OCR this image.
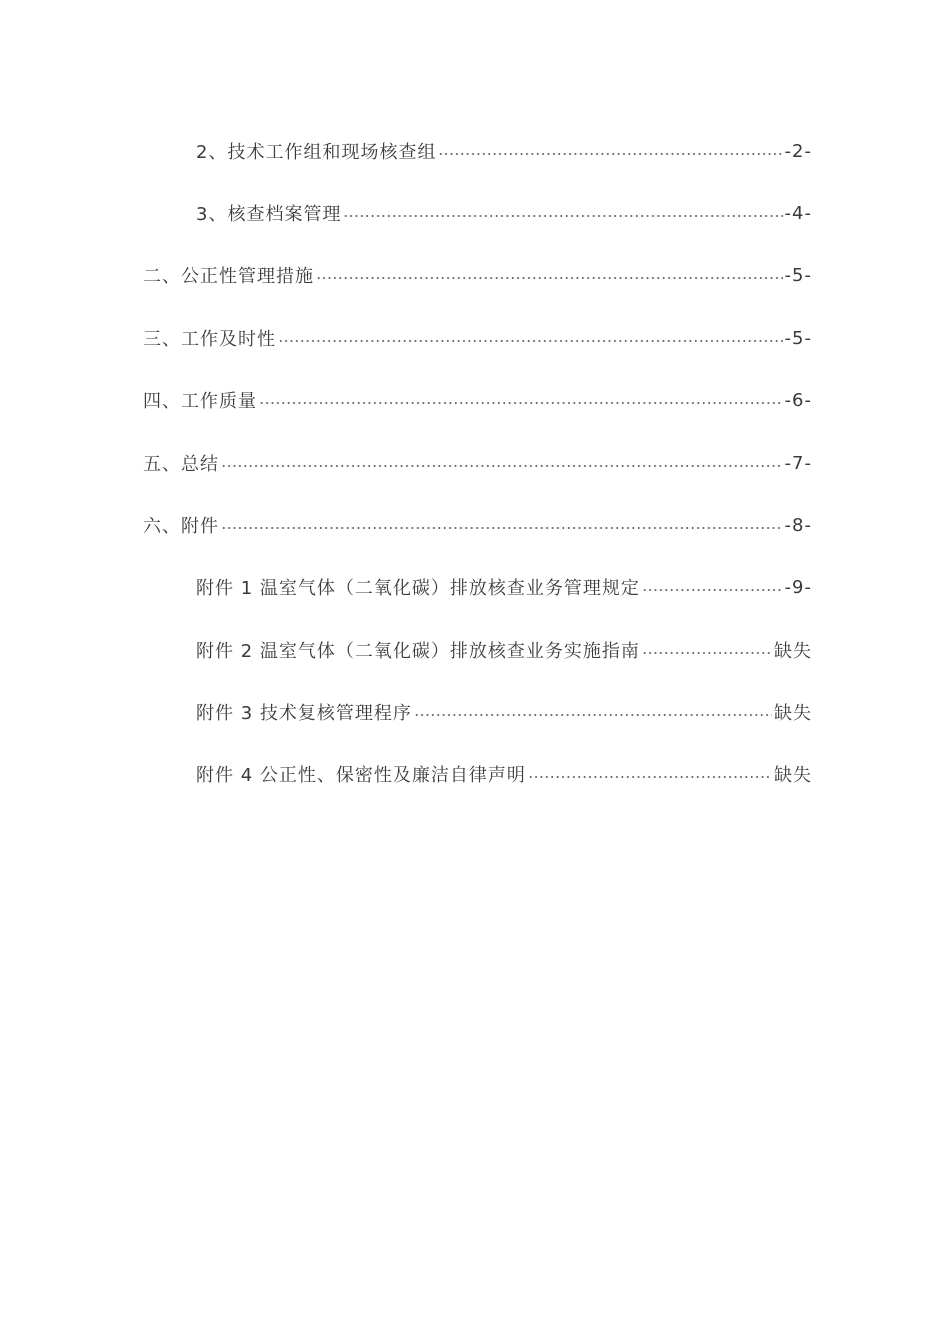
2、技术工作组和现场核查组	-2-
3、核查档案管理	-4-
二、公正性管理措施	-5-
三、工作及时性	-5-
四、工作质量	-6-
五、总结	-7-
六、附件	-8-
附件 1 温室气体（二氧化碳）排放核查业务管理规定	-9-
附件 2 温室气体（二氧化碳）排放核查业务实施指南	缺失
附件 3 技术复核管理程序	缺失
附件 4 公正性、保密性及廉洁自律声明	缺失
